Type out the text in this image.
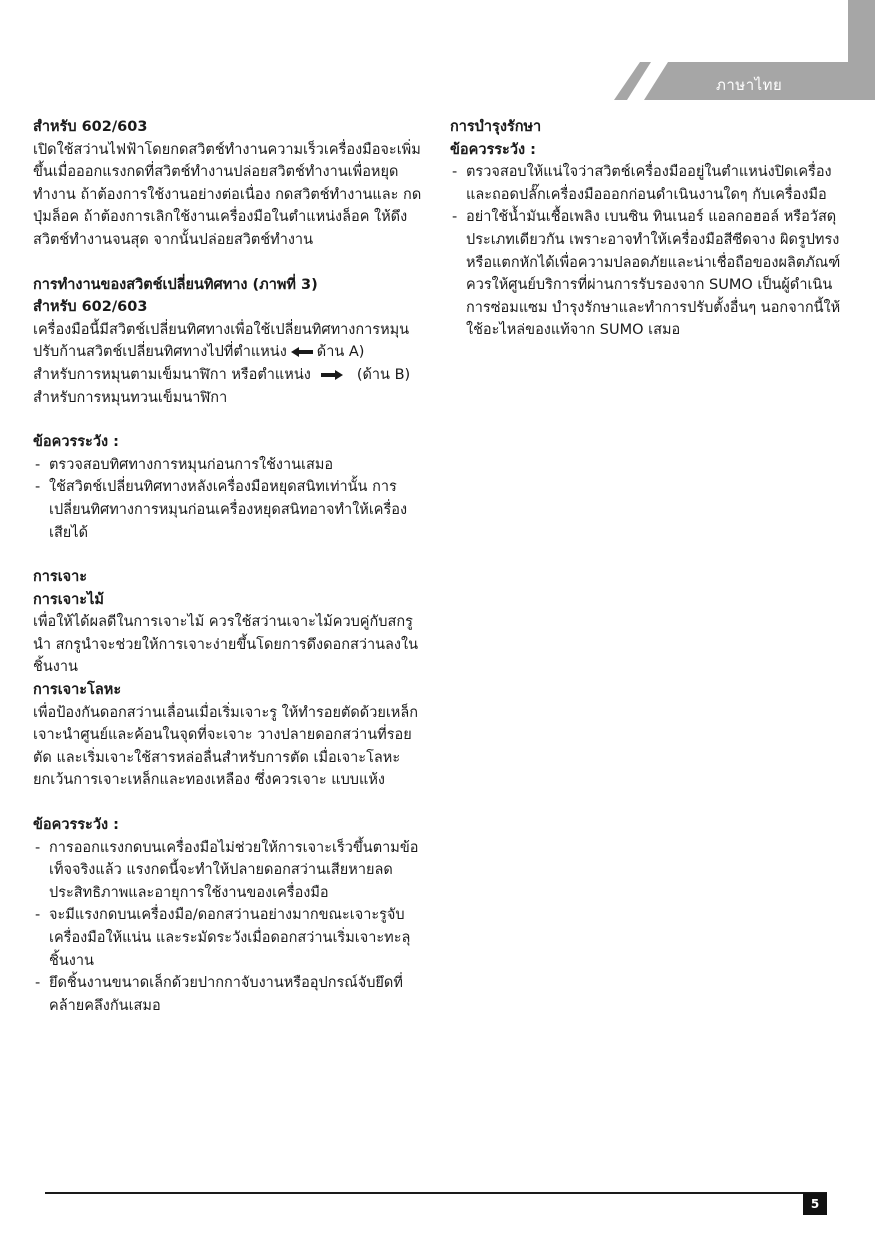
ภาษาไทย
สำหรับ 602/603
เปิดใช้สว่านไฟฟ้าโดยกดสวิตช์ทำงานความเร็วเครื่องมือจะเพิ่มขึ้นเมื่อออกแรงกดที่สวิตช์ทำงานปล่อยสวิตช์ทำงานเพื่อหยุดทำงาน ถ้าต้องการใช้งานอย่างต่อเนื่อง กดสวิตช์ทำงานและ กดปุ่มล็อค ถ้าต้องการเลิกใช้งานเครื่องมือในตำแหน่งล็อค ให้ดึงสวิตช์ทำงานจนสุด จากนั้นปล่อยสวิตช์ทำงาน
การทำงานของสวิตช์เปลี่ยนทิศทาง (ภาพที่ 3)
สำหรับ 602/603
เครื่องมือนี้มีสวิตช์เปลี่ยนทิศทางเพื่อใช้เปลี่ยนทิศทางการหมุน ปรับก้านสวิตช์เปลี่ยนทิศทางไปที่ตำแหน่ง ด้าน A)
สำหรับการหมุนตามเข็มนาฬิกา หรือตำแหน่ง	(ด้าน B)
สำหรับการหมุนทวนเข็มนาฬิกา
ข้อควรระวัง :
- ตรวจสอบทิศทางการหมุนก่อนการใช้งานเสมอ
- ใช้สวิตช์เปลี่ยนทิศทางหลังเครื่องมือหยุดสนิทเท่านั้น การเปลี่ยนทิศทางการหมุนก่อนเครื่องหยุดสนิทอาจทำให้เครื่องเสียได้
การเจาะ
การเจาะไม้
เพื่อให้ได้ผลดีในการเจาะไม้ ควรใช้สว่านเจาะไม้ควบคู่กับสกรูนำ สกรูนำจะช่วยให้การเจาะง่ายขึ้นโดยการดึงดอกสว่านลงในชิ้นงาน
การเจาะโลหะ
เพื่อป้องกันดอกสว่านเลื่อนเมื่อเริ่มเจาะรู ให้ทำรอยตัดด้วยเหล็กเจาะนำศูนย์และค้อนในจุดที่จะเจาะ วางปลายดอกสว่านที่รอยตัด และเริ่มเจาะใช้สารหล่อลื่นสำหรับการตัด เมื่อเจาะโลหะ ยกเว้นการเจาะเหล็กและทองเหลือง ซึ่งควรเจาะ แบบแห้ง
ข้อควรระวัง :
- การออกแรงกดบนเครื่องมือไม่ช่วยให้การเจาะเร็วขึ้นตามข้อเท็จจริงแล้ว แรงกดนี้จะทำให้ปลายดอกสว่านเสียหายลดประสิทธิภาพและอายุการใช้งานของเครื่องมือ
- จะมีแรงกดบนเครื่องมือ/ดอกสว่านอย่างมากขณะเจาะรูจับเครื่องมือให้แน่น และระมัดระวังเมื่อดอกสว่านเริ่มเจาะทะลุชิ้นงาน
- ยึดชิ้นงานขนาดเล็กด้วยปากกาจับงานหรืออุปกรณ์จับยึดที่คล้ายคลึงกันเสมอ
การบำรุงรักษา
ข้อควรระวัง :
- ตรวจสอบให้แน่ใจว่าสวิตช์เครื่องมืออยู่ในตำแหน่งปิดเครื่องและถอดปลั๊กเครื่องมือออกก่อนดำเนินงานใดๆ กับเครื่องมือ
- อย่าใช้น้ำมันเชื้อเพลิง เบนซิน ทินเนอร์ แอลกอฮอล์ หรือวัสดุประเภทเดียวกัน เพราะอาจทำให้เครื่องมือสีซีดจาง ผิดรูปทรง หรือแตกหักได้เพื่อความปลอดภัยและน่าเชื่อถือของผลิตภัณฑ์ ควรให้ศูนย์บริการที่ผ่านการรับรองจาก SUMO เป็นผู้ดำเนินการซ่อมแซม บำรุงรักษาและทำการปรับตั้งอื่นๆ นอกจากนี้ให้ใช้อะไหล่ของแท้จาก SUMO เสมอ
5
